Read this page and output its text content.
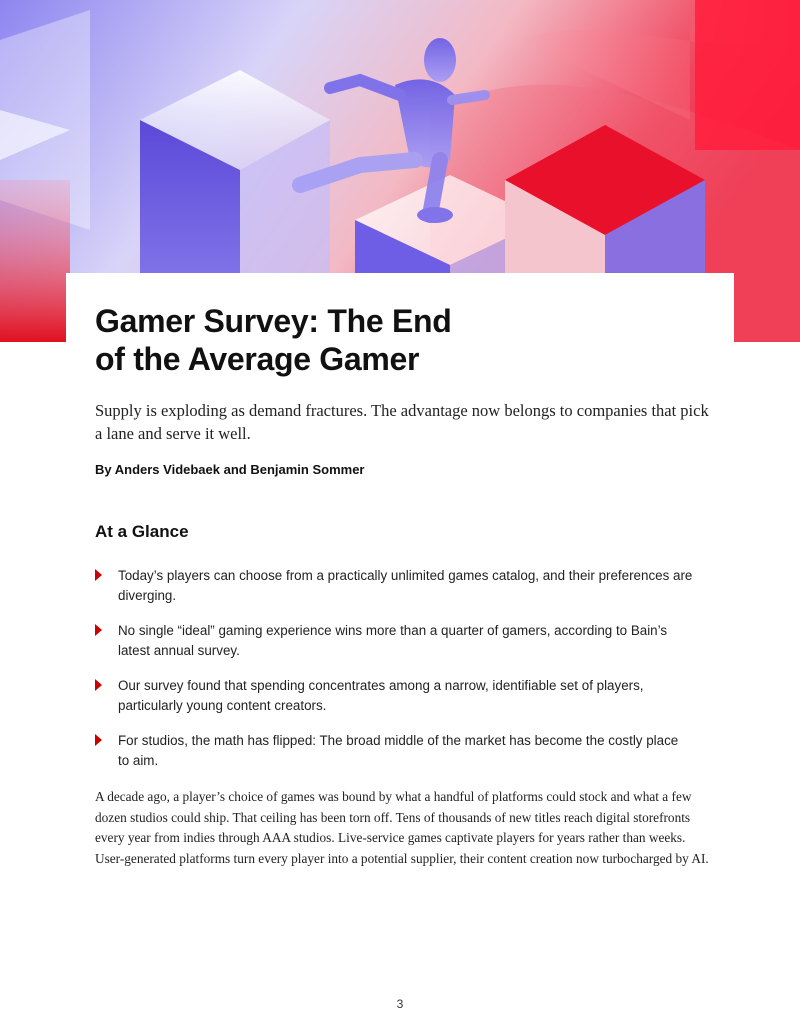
Gamer Survey: The End
of the Average Gamer

Supply is exploding as demand fractures. The advantage now belongs to companies that pick a lane and serve it well.

By Anders Videbaek and Benjamin Sommer

At a Glance
Today’s players can choose from a practically unlimited games catalog, and their preferences are diverging.
No single “ideal” gaming experience wins more than a quarter of gamers, according to Bain’s latest annual survey.
Our survey found that spending concentrates among a narrow, identifiable set of players, particularly young content creators.
For studios, the math has flipped: The broad middle of the market has become the costly place to aim.

A decade ago, a player’s choice of games was bound by what a handful of platforms could stock and what a few dozen studios could ship. That ceiling has been torn off. Tens of thousands of new titles reach digital storefronts every year from indies through AAA studios. Live-service games captivate players for years rather than weeks. User-generated platforms turn every player into a potential supplier, their content creation now turbocharged by AI.

3
